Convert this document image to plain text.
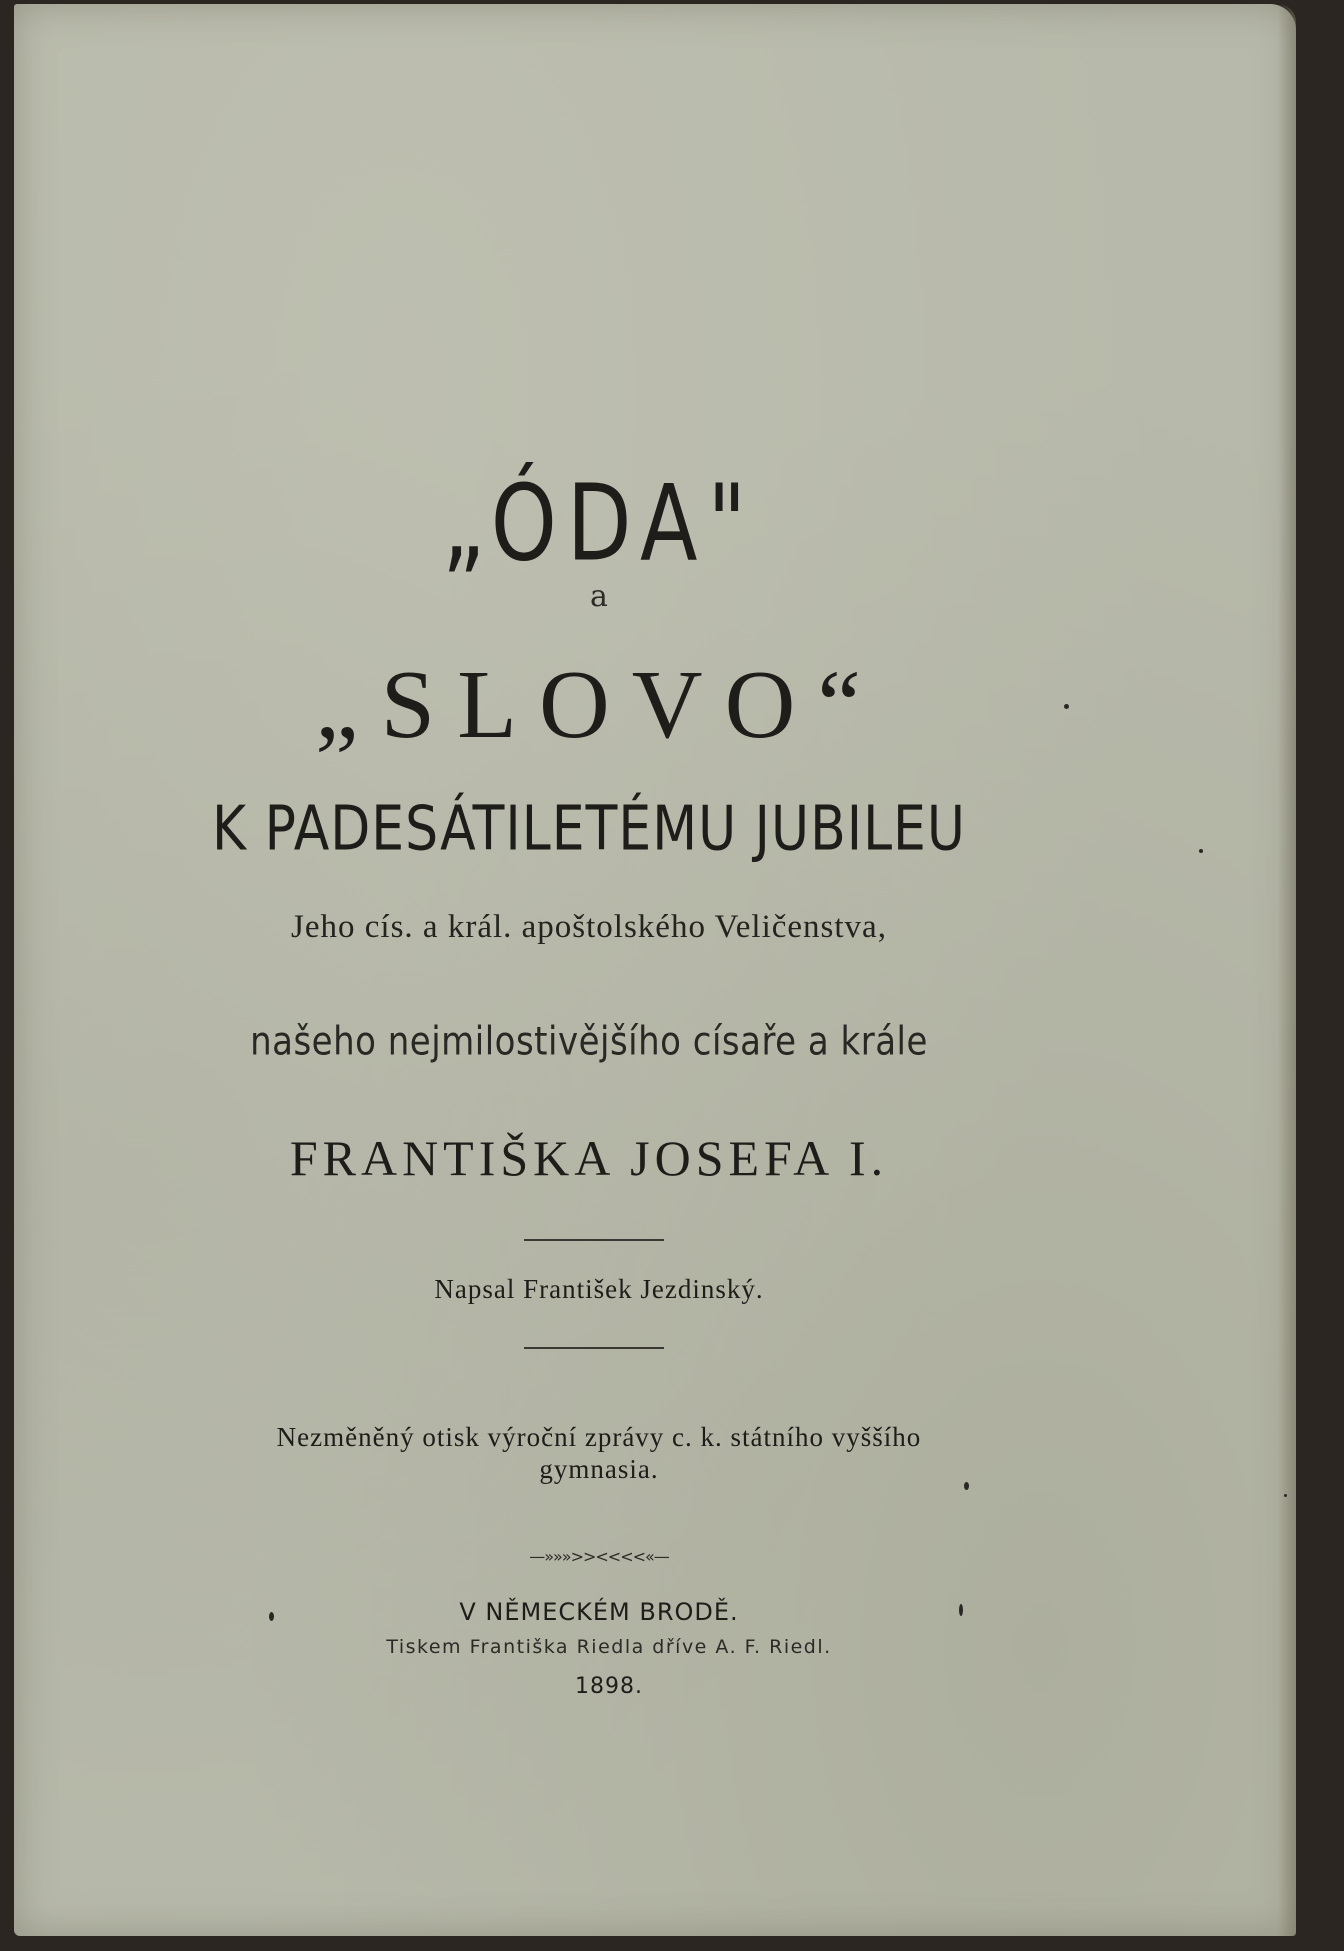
„ÓDA"
a
„SLOVO“
K PADESÁTILETÉMU JUBILEU
Jeho cís. a král. apoštolského Veličenstva,
našeho nejmilostivějšího císaře a krále
FRANTIŠKA JOSEFA I.
Napsal František Jezdinský.
Nezměněný otisk výroční zprávy c. k. státního vyššího
gymnasia.
—»»»>><<<<«—
V NĚMECKÉM BRODĚ.
Tiskem Františka Riedla dříve A. F. Riedl.
1898.
